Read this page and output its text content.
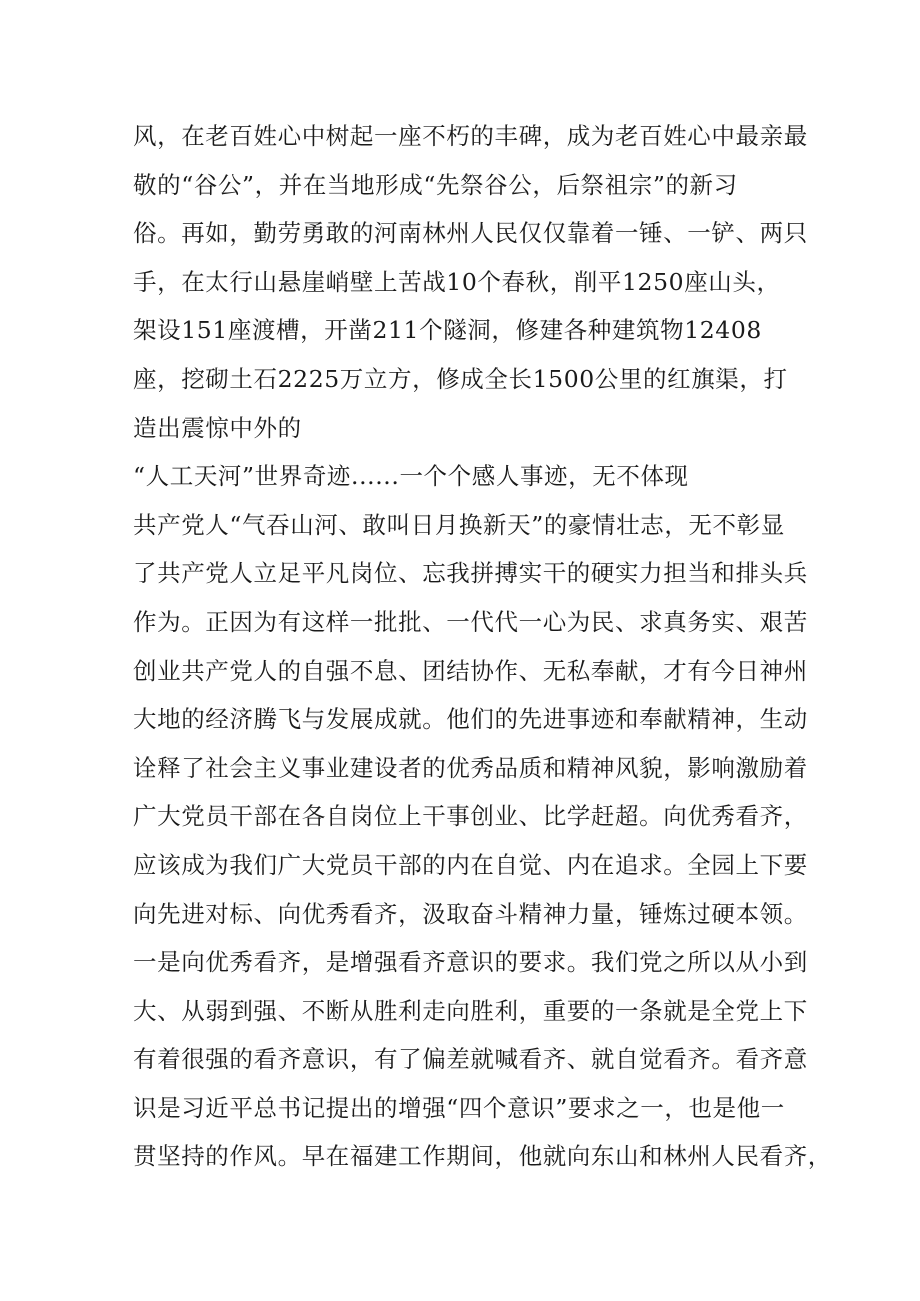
风，在老百姓心中树起一座不朽的丰碑，成为老百姓心中最亲最
敬的“谷公”，并在当地形成“先祭谷公，后祭祖宗”的新习
俗。再如，勤劳勇敢的河南林州人民仅仅靠着一锤、一铲、两只
手，在太行山悬崖峭壁上苦战10个春秋，削平1250座山头，
架设151座渡槽，开凿211个隧洞，修建各种建筑物12408
座，挖砌土石2225万立方，修成全长1500公里的红旗渠，打
造出震惊中外的
“人工天河”世界奇迹......一个个感人事迹，无不体现
共产党人“气吞山河、敢叫日月换新天”的豪情壮志，无不彰显
了共产党人立足平凡岗位、忘我拼搏实干的硬实力担当和排头兵
作为。正因为有这样一批批、一代代一心为民、求真务实、艰苦
创业共产党人的自强不息、团结协作、无私奉献，才有今日神州
大地的经济腾飞与发展成就。他们的先进事迹和奉献精神，生动
诠释了社会主义事业建设者的优秀品质和精神风貌，影响激励着
广大党员干部在各自岗位上干事创业、比学赶超。向优秀看齐，
应该成为我们广大党员干部的内在自觉、内在追求。全园上下要
向先进对标、向优秀看齐，汲取奋斗精神力量，锤炼过硬本领。
一是向优秀看齐，是增强看齐意识的要求。我们党之所以从小到
大、从弱到强、不断从胜利走向胜利，重要的一条就是全党上下
有着很强的看齐意识，有了偏差就喊看齐、就自觉看齐。看齐意
识是习近平总书记提出的增强“四个意识”要求之一，也是他一
贯坚持的作风。早在福建工作期间，他就向东山和林州人民看齐，
